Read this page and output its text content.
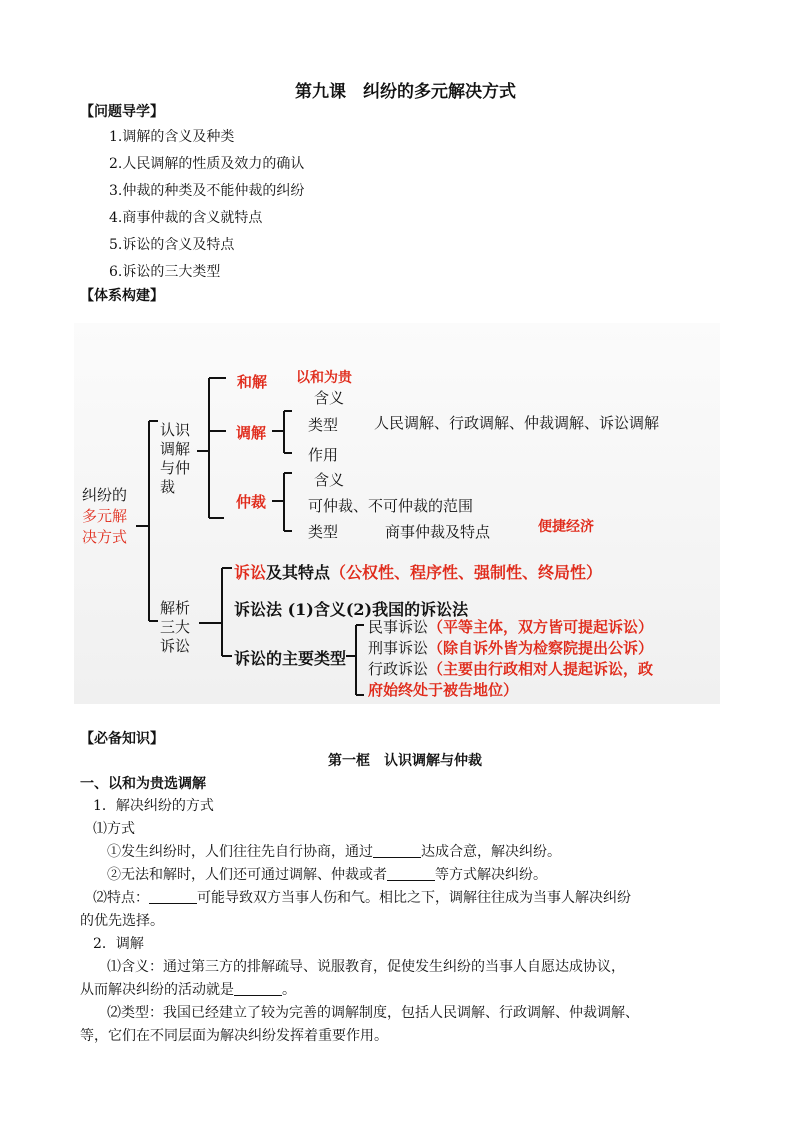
第九课　纠纷的多元解决方式
【问题导学】
1.调解的含义及种类
2.人民调解的性质及效力的确认
3.仲裁的种类及不能仲裁的纠纷
4.商事仲裁的含义就特点
5.诉讼的含义及特点
6.诉讼的三大类型
【体系构建】
纠纷的
多元解
决方式
认识
调解
与仲
裁
和解 以和为贵
调解
含义
类型 人民调解、行政调解、仲裁调解、诉讼调解
作用
仲裁
含义
可仲裁、不可仲裁的范围
类型	商事仲裁及特点	便捷经济
解析
三大
诉讼
诉讼及其特点（公权性、程序性、强制性、终局性）
诉讼法 (1)含义(2)我国的诉讼法
诉讼的主要类型
民事诉讼（平等主体，双方皆可提起诉讼）
刑事诉讼（除自诉外皆为检察院提出公诉）
行政诉讼（主要由行政相对人提起诉讼，政
府始终处于被告地位）
【必备知识】
第一框　认识调解与仲裁
一、以和为贵选调解
1．解决纠纷的方式
⑴方式
①发生纠纷时，人们往往先自行协商，通过	达成合意，解决纠纷。
②无法和解时，人们还可通过调解、仲裁或者	等方式解决纠纷。
⑵特点：	可能导致双方当事人伤和气。相比之下，调解往往成为当事人解决纠纷
的优先选择。
2．调解
⑴含义：通过第三方的排解疏导、说服教育，促使发生纠纷的当事人自愿达成协议，
从而解决纠纷的活动就是	。
⑵类型：我国已经建立了较为完善的调解制度，包括人民调解、行政调解、仲裁调解、
等，它们在不同层面为解决纠纷发挥着重要作用。
